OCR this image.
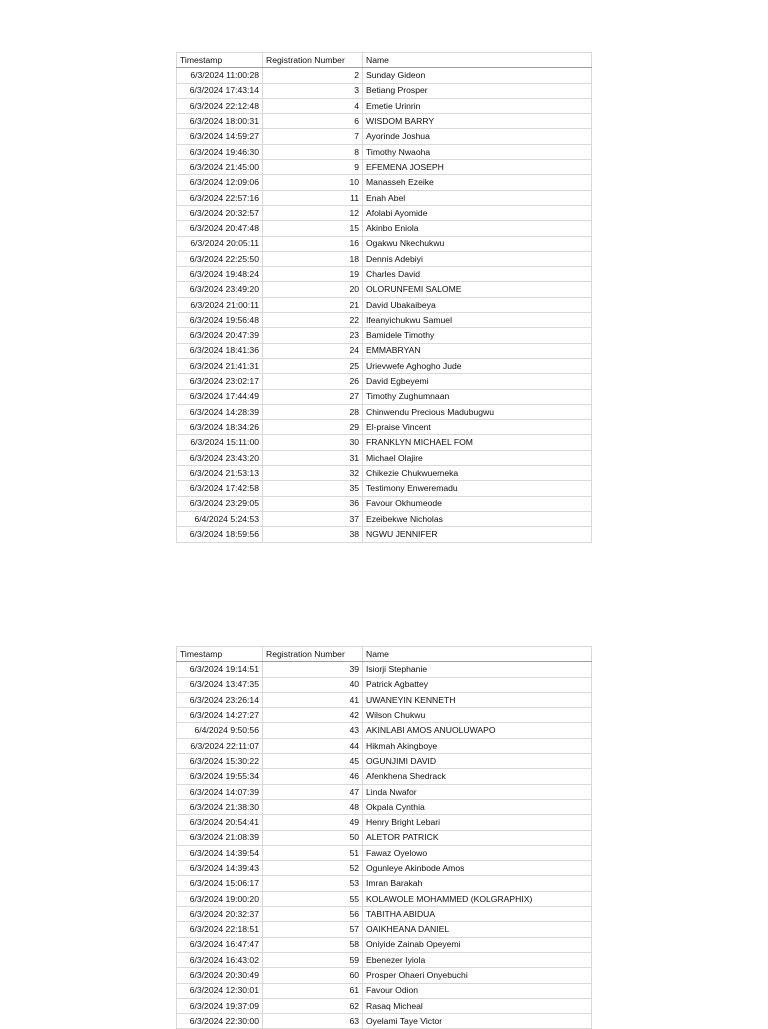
Timestamp	Registration Number	Name
6/3/2024 11:00:28	2	Sunday Gideon
6/3/2024 17:43:14	3	Betiang Prosper
6/3/2024 22:12:48	4	Emetie Urinrin
6/3/2024 18:00:31	6	WISDOM BARRY
6/3/2024 14:59:27	7	Ayorinde Joshua
6/3/2024 19:46:30	8	Timothy Nwaoha
6/3/2024 21:45:00	9	EFEMENA JOSEPH
6/3/2024 12:09:06	10	Manasseh Ezeike
6/3/2024 22:57:16	11	Enah Abel
6/3/2024 20:32:57	12	Afolabi Ayomide
6/3/2024 20:47:48	15	Akinbo Eniola
6/3/2024 20:05:11	16	Ogakwu Nkechukwu
6/3/2024 22:25:50	18	Dennis Adebiyi
6/3/2024 19:48:24	19	Charles David
6/3/2024 23:49:20	20	OLORUNFEMI SALOME
6/3/2024 21:00:11	21	David Ubakaibeya
6/3/2024 19:56:48	22	Ifeanyichukwu Samuel
6/3/2024 20:47:39	23	Bamidele Timothy
6/3/2024 18:41:36	24	EMMABRYAN
6/3/2024 21:41:31	25	Urievwefe Aghogho Jude
6/3/2024 23:02:17	26	David Egbeyemi
6/3/2024 17:44:49	27	Timothy Zughumnaan
6/3/2024 14:28:39	28	Chinwendu Precious Madubugwu
6/3/2024 18:34:26	29	El-praise Vincent
6/3/2024 15:11:00	30	FRANKLYN MICHAEL FOM
6/3/2024 23:43:20	31	Michael Olajire
6/3/2024 21:53:13	32	Chikezie Chukwuemeka
6/3/2024 17:42:58	35	Testimony Enweremadu
6/3/2024 23:29:05	36	Favour Okhumeode
6/4/2024 5:24:53	37	Ezeibekwe Nicholas
6/3/2024 18:59:56	38	NGWU JENNIFER
Timestamp	Registration Number	Name
6/3/2024 19:14:51	39	Isiorji Stephanie
6/3/2024 13:47:35	40	Patrick Agbattey
6/3/2024 23:26:14	41	UWANEYIN KENNETH
6/3/2024 14:27:27	42	Wilson Chukwu
6/4/2024 9:50:56	43	AKINLABI AMOS ANUOLUWAPO
6/3/2024 22:11:07	44	Hikmah Akingboye
6/3/2024 15:30:22	45	OGUNJIMI DAVID
6/3/2024 19:55:34	46	Afenkhena Shedrack
6/3/2024 14:07:39	47	Linda Nwafor
6/3/2024 21:38:30	48	Okpala Cynthia
6/3/2024 20:54:41	49	Henry Bright Lebari
6/3/2024 21:08:39	50	ALETOR PATRICK
6/3/2024 14:39:54	51	Fawaz Oyelowo
6/3/2024 14:39:43	52	Ogunleye Akinbode Amos
6/3/2024 15:06:17	53	Imran Barakah
6/3/2024 19:00:20	55	KOLAWOLE MOHAMMED (KOLGRAPHIX)
6/3/2024 20:32:37	56	TABITHA ABIDUA
6/3/2024 22:18:51	57	OAIKHEANA DANIEL
6/3/2024 16:47:47	58	Oniyide Zainab Opeyemi
6/3/2024 16:43:02	59	Ebenezer Iyiola
6/3/2024 20:30:49	60	Prosper Ohaeri Onyebuchi
6/3/2024 12:30:01	61	Favour Odion
6/3/2024 19:37:09	62	Rasaq Micheal
6/3/2024 22:30:00	63	Oyelami Taye Victor
